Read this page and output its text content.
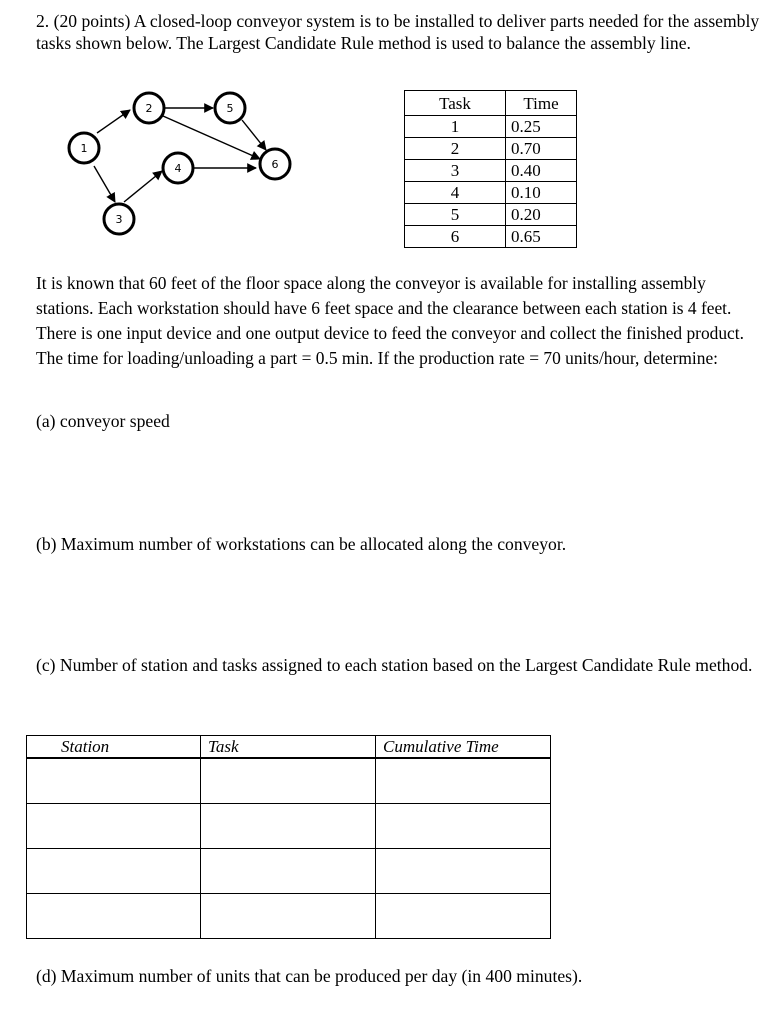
2. (20 points) A closed-loop conveyor system is to be installed to deliver parts needed for the assembly tasks shown below. The Largest Candidate Rule method is used to balance the assembly line.

1
2
3
4
5
6
Task	Time
1	0.25
2	0.70
3	0.40
4	0.10
5	0.20
6	0.65

It is known that 60 feet of the floor space along the conveyor is available for installing assembly stations. Each workstation should have 6 feet space and the clearance between each station is 4 feet. There is one input device and one output device to feed the conveyor and collect the finished product. The time for loading/unloading a part = 0.5 min. If the production rate = 70 units/hour, determine:

(a) conveyor speed

(b) Maximum number of workstations can be allocated along the conveyor.

(c) Number of station and tasks assigned to each station based on the Largest Candidate Rule method.

Station	Task	Cumulative Time

(d) Maximum number of units that can be produced per day (in 400 minutes).
